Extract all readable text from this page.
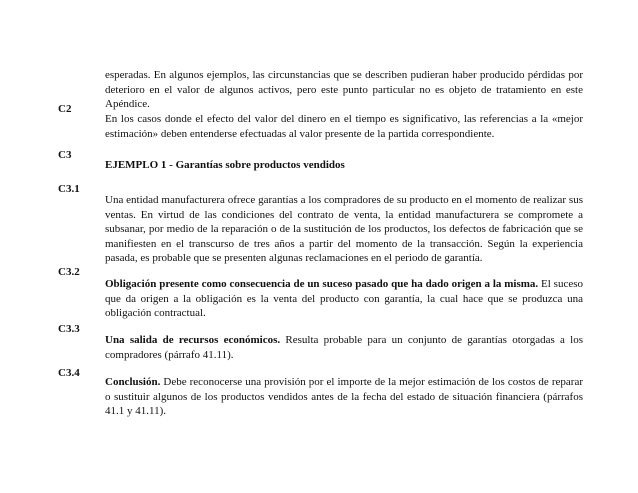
esperadas. En algunos ejemplos, las circunstancias que se describen pudieran haber producido pérdidas por deterioro en el valor de algunos activos, pero este punto particular no es objeto de tratamiento en este Apéndice.

C2

En los casos donde el efecto del valor del dinero en el tiempo es significativo, las referencias a la «mejor estimación» deben entenderse efectuadas al valor presente de la partida correspondiente.

C3

EJEMPLO 1 - Garantías sobre productos vendidos

C3.1

Una entidad manufacturera ofrece garantías a los compradores de su producto en el momento de realizar sus ventas. En virtud de las condiciones del contrato de venta, la entidad manufacturera se compromete a subsanar, por medio de la reparación o de la sustitución de los productos, los defectos de fabricación que se manifiesten en el transcurso de tres años a partir del momento de la transacción. Según la experiencia pasada, es probable que se presenten algunas reclamaciones en el periodo de garantía.

C3.2

Obligación presente como consecuencia de un suceso pasado que ha dado origen a la misma. El suceso que da origen a la obligación es la venta del producto con garantía, la cual hace que se produzca una obligación contractual.

C3.3

Una salida de recursos económicos. Resulta probable para un conjunto de garantías otorgadas a los compradores (párrafo 41.11).

C3.4

Conclusión. Debe reconocerse una provisión por el importe de la mejor estimación de los costos de reparar o sustituir algunos de los productos vendidos antes de la fecha del estado de situación financiera (párrafos 41.1 y 41.11).
